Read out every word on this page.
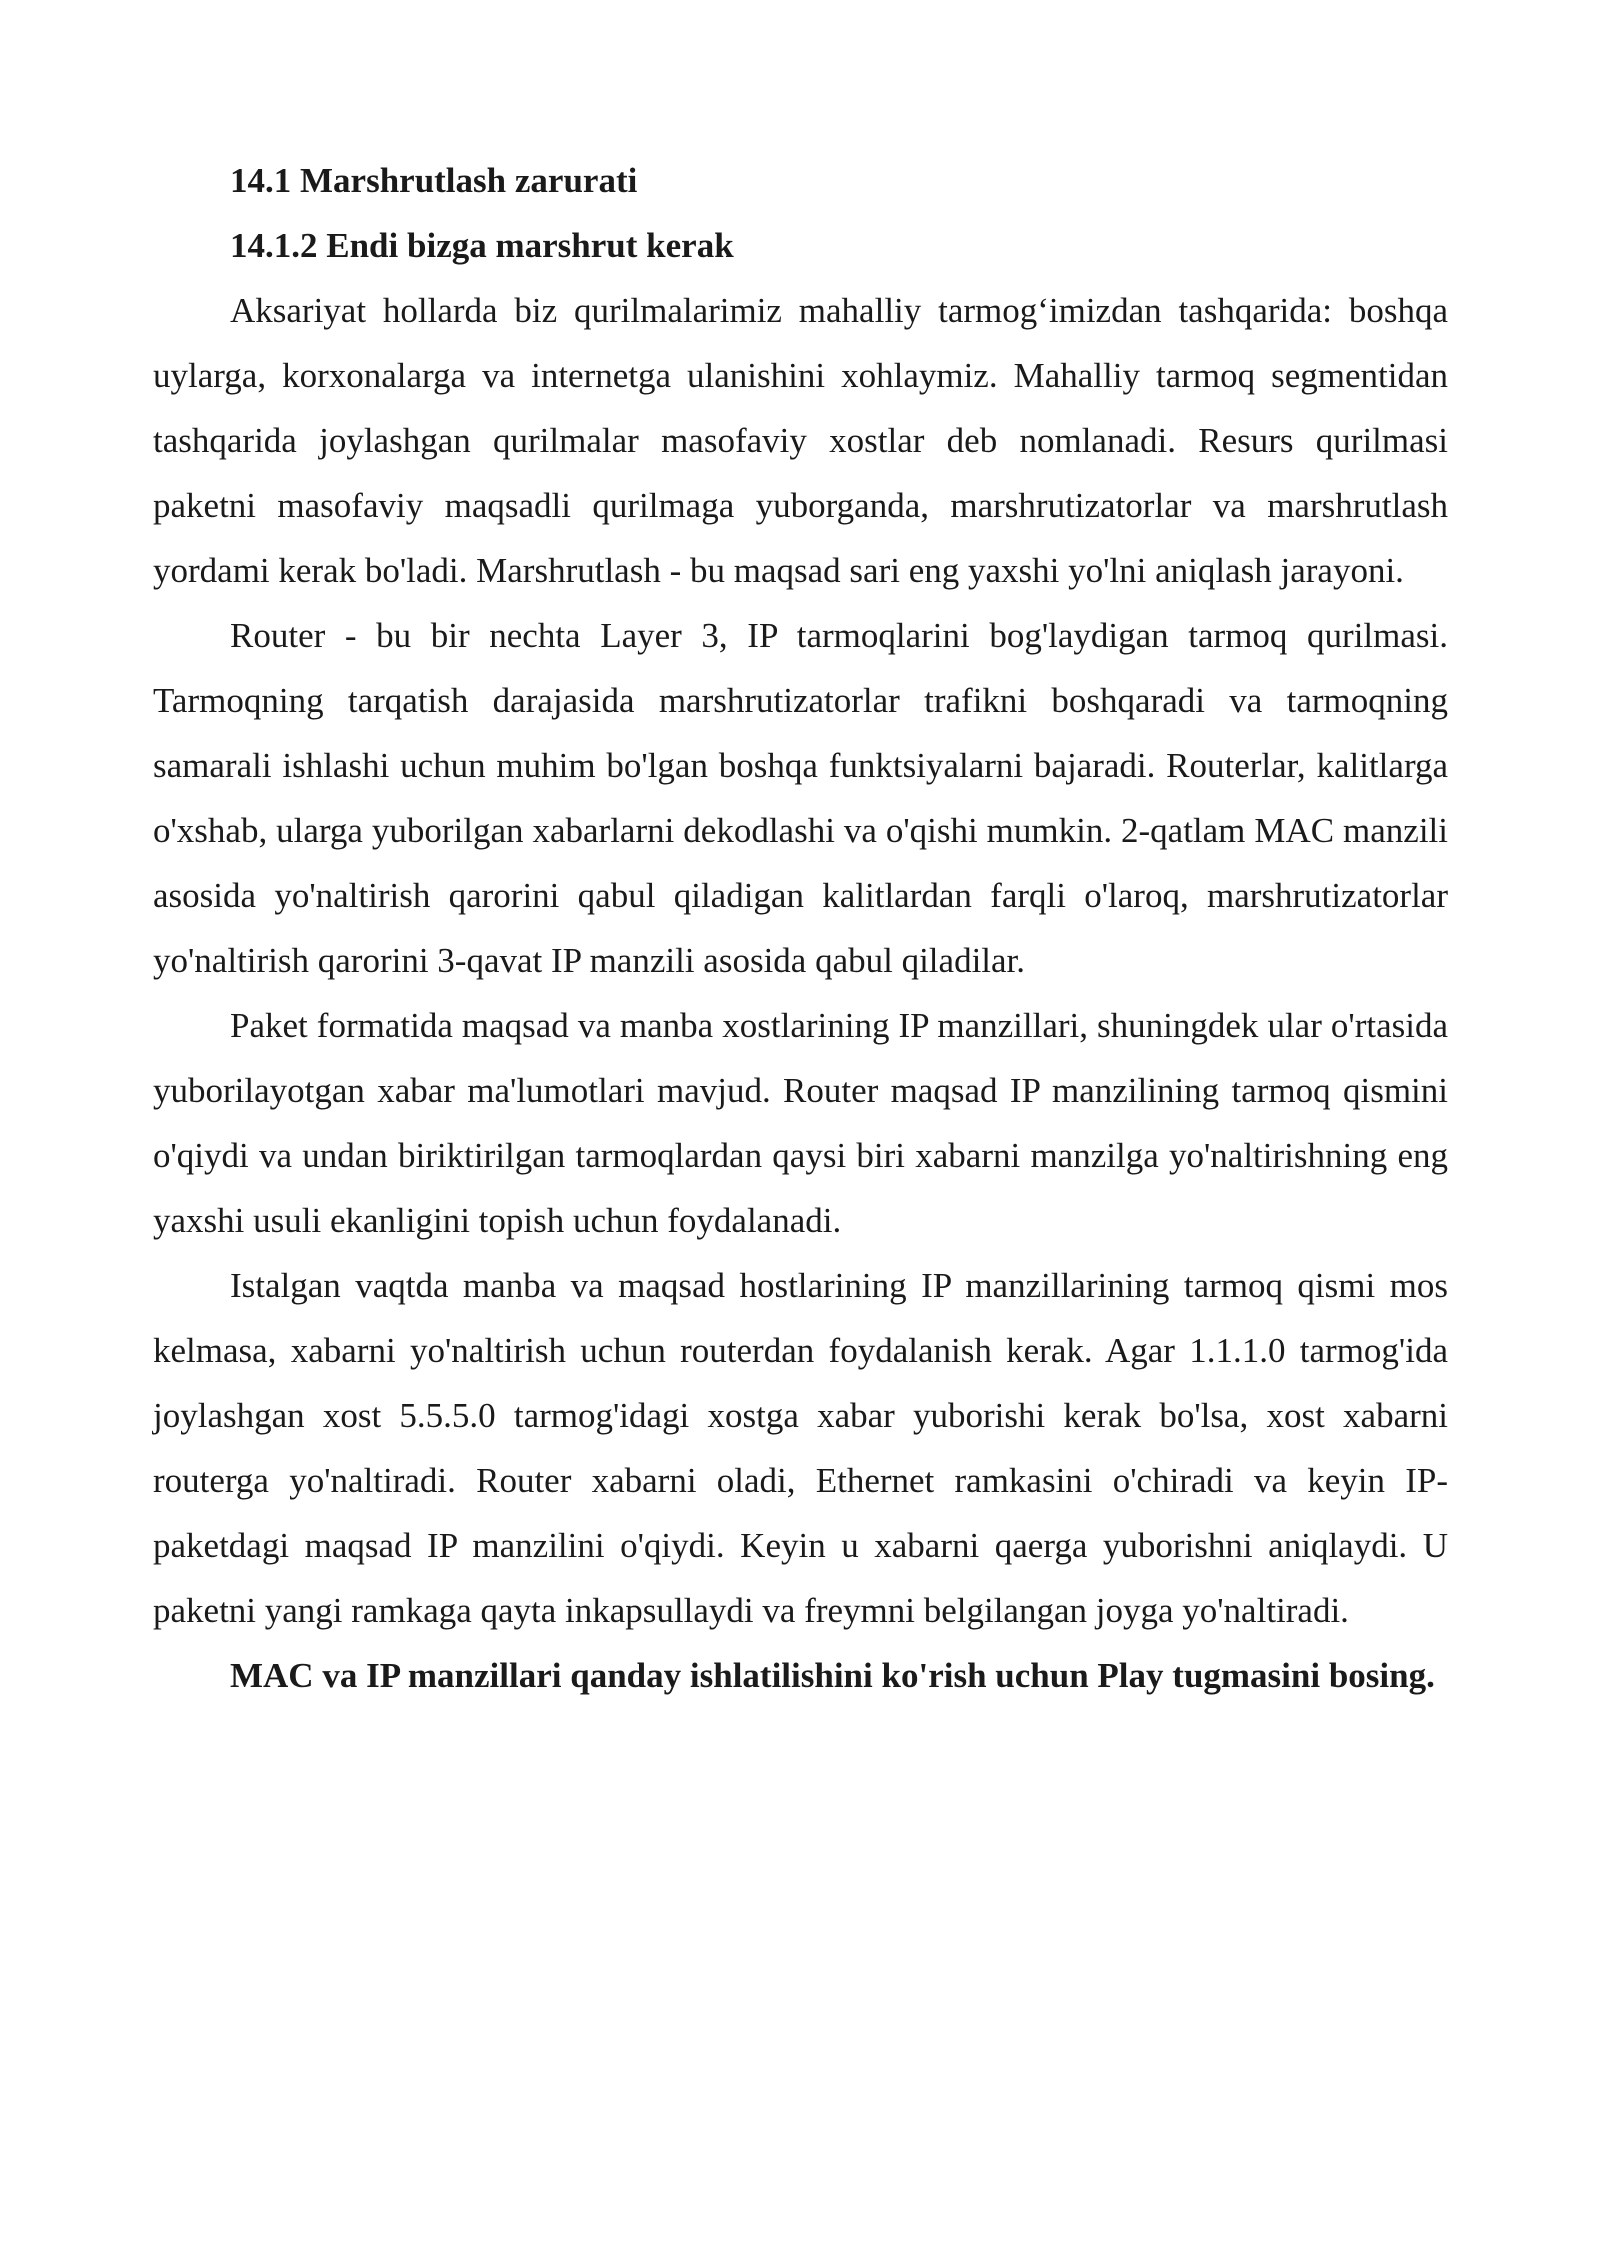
14.1 Marshrutlash zarurati

14.1.2 Endi bizga marshrut kerak

Aksariyat hollarda biz qurilmalarimiz mahalliy tarmog‘imizdan tashqarida: boshqa uylarga, korxonalarga va internetga ulanishini xohlaymiz. Mahalliy tarmoq segmentidan tashqarida joylashgan qurilmalar masofaviy xostlar deb nomlanadi. Resurs qurilmasi paketni masofaviy maqsadli qurilmaga yuborganda, marshrutizatorlar va marshrutlash yordami kerak bo'ladi. Marshrutlash - bu maqsad sari eng yaxshi yo'lni aniqlash jarayoni.

Router - bu bir nechta Layer 3, IP tarmoqlarini bog'laydigan tarmoq qurilmasi. Tarmoqning tarqatish darajasida marshrutizatorlar trafikni boshqaradi va tarmoqning samarali ishlashi uchun muhim bo'lgan boshqa funktsiyalarni bajaradi. Routerlar, kalitlarga o'xshab, ularga yuborilgan xabarlarni dekodlashi va o'qishi mumkin. 2-qatlam MAC manzili asosida yo'naltirish qarorini qabul qiladigan kalitlardan farqli o'laroq, marshrutizatorlar yo'naltirish qarorini 3-qavat IP manzili asosida qabul qiladilar.

Paket formatida maqsad va manba xostlarining IP manzillari, shuningdek ular o'rtasida yuborilayotgan xabar ma'lumotlari mavjud. Router maqsad IP manzilining tarmoq qismini o'qiydi va undan biriktirilgan tarmoqlardan qaysi biri xabarni manzilga yo'naltirishning eng yaxshi usuli ekanligini topish uchun foydalanadi.

Istalgan vaqtda manba va maqsad hostlarining IP manzillarining tarmoq qismi mos kelmasa, xabarni yo'naltirish uchun routerdan foydalanish kerak. Agar 1.1.1.0 tarmog'ida joylashgan xost 5.5.5.0 tarmog'idagi xostga xabar yuborishi kerak bo'lsa, xost xabarni routerga yo'naltiradi. Router xabarni oladi, Ethernet ramkasini o'chiradi va keyin IP-paketdagi maqsad IP manzilini o'qiydi. Keyin u xabarni qaerga yuborishni aniqlaydi. U paketni yangi ramkaga qayta inkapsullaydi va freymni belgilangan joyga yo'naltiradi.

MAC va IP manzillari qanday ishlatilishini ko'rish uchun Play tugmasini bosing.
